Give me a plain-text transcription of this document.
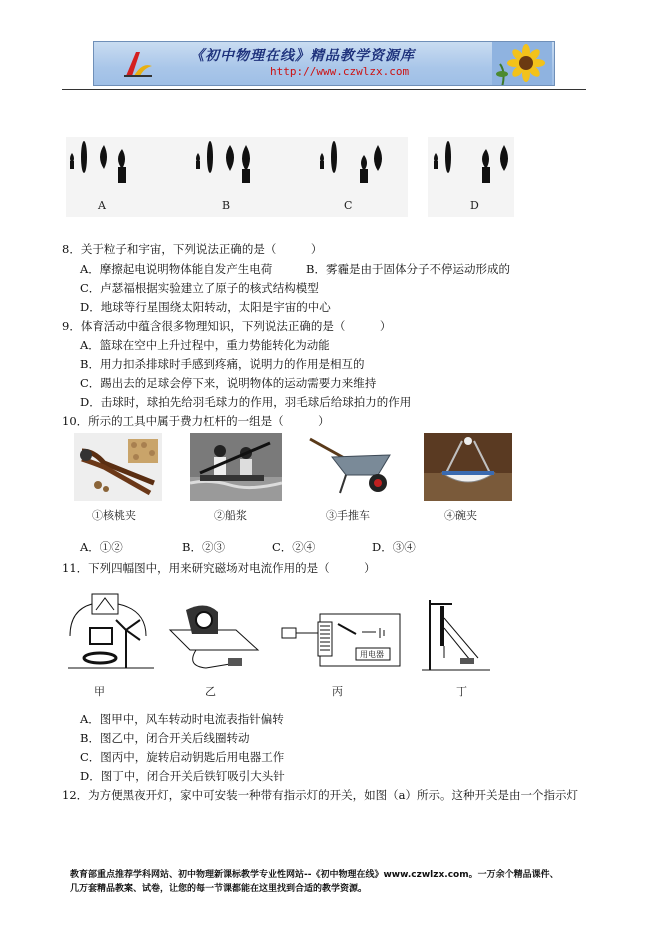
《初中物理在线》精品教学资源库
http://www.czwlzx.com
A	B	C	D
8．关于粒子和宇宙，下列说法正确的是（　　　）
A．摩擦起电说明物体能自发产生电荷	B．雾霾是由于固体分子不停运动形成的
C．卢瑟福根据实验建立了原子的核式结构模型
D．地球等行星围绕太阳转动，太阳是宇宙的中心
9．体育活动中蕴含很多物理知识，下列说法正确的是（　　　）
A．篮球在空中上升过程中，重力势能转化为动能
B．用力扣杀排球时手感到疼痛，说明力的作用是相互的
C．踢出去的足球会停下来，说明物体的运动需要力来维持
D．击球时，球拍先给羽毛球力的作用，羽毛球后给球拍力的作用
10．所示的工具中属于费力杠杆的一组是（　　　）
①核桃夹	②船浆	③手推车	④碗夹
A．①②	B．②③	C．②④	D．③④
11．下列四幅图中，用来研究磁场对电流作用的是（　　　）
用电器
甲	乙	丙	丁
A．图甲中，风车转动时电流表指针偏转
B．图乙中，闭合开关后线圈转动
C．图丙中，旋转启动钥匙后用电器工作
D．图丁中，闭合开关后铁钉吸引大头针
12．为方便黑夜开灯，家中可安装一种带有指示灯的开关，如图（a）所示。这种开关是由一个指示灯
教育部重点推荐学科网站、初中物理新课标教学专业性网站--《初中物理在线》www.czwlzx.com。一万余个精品课件、
几万套精品教案、试卷，让您的每一节课都能在这里找到合适的教学资源。
